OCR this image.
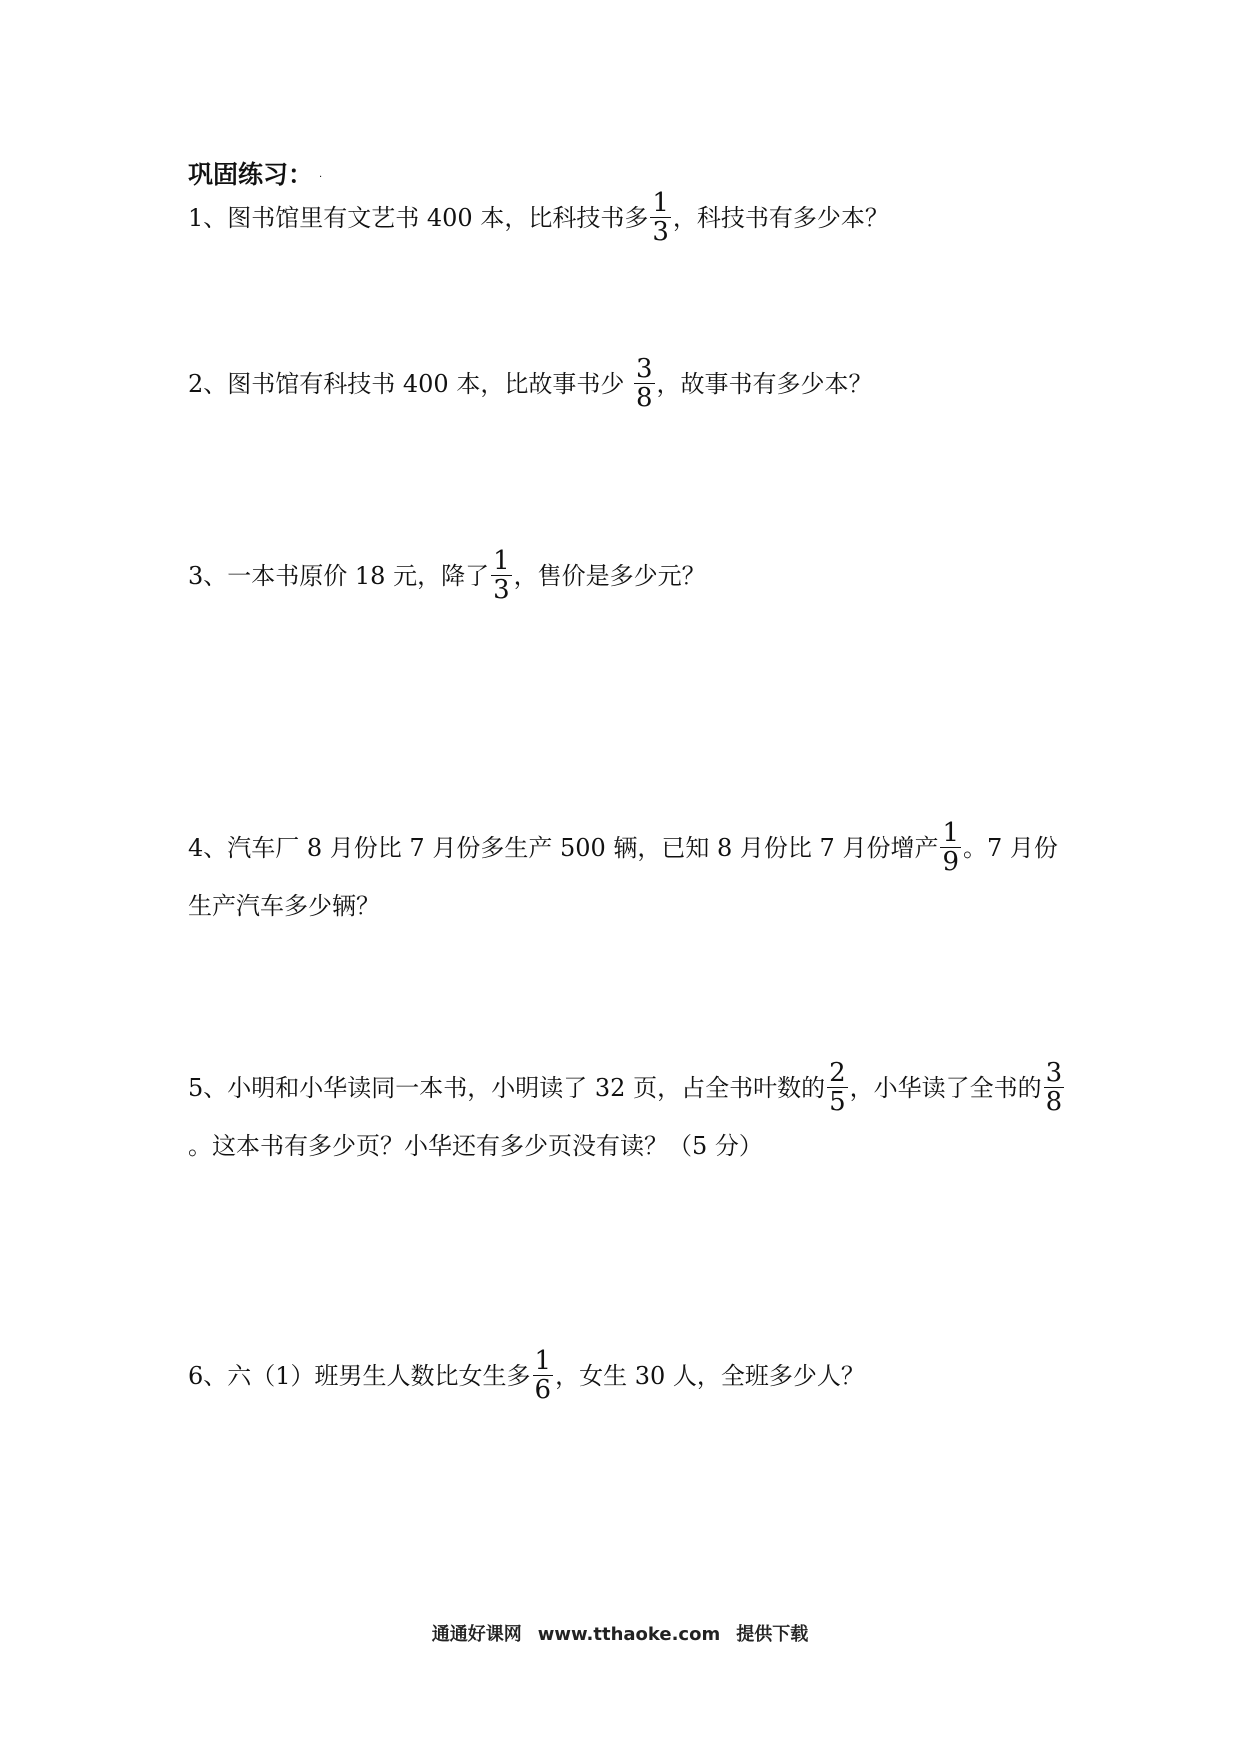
巩固练习： .
1、图书馆里有文艺书 400 本，比科技书多 $\frac{1}{3}$ ，科技书有多少本？
2、图书馆有科技书 400 本，比故事书少 $\frac{3}{8}$ ，故事书有多少本？
3、一本书原价 18 元，降了 $\frac{1}{3}$ ，售价是多少元？
4、汽车厂 8 月份比 7 月份多生产 500 辆，已知 8 月份比 7 月份增产 $\frac{1}{9}$ 。7 月份生产汽车多少辆？
5、小明和小华读同一本书，小明读了 32 页，占全书叶数的 $\frac{2}{5}$ ，小华读了全书的 $\frac{3}{8}$
。这本书有多少页？小华还有多少页没有读？（5 分）
6、六（1）班男生人数比女生多 $\frac{1}{6}$ ，女生 30 人，全班多少人？
通通好课网 www.tthaoke.com 提供下载
